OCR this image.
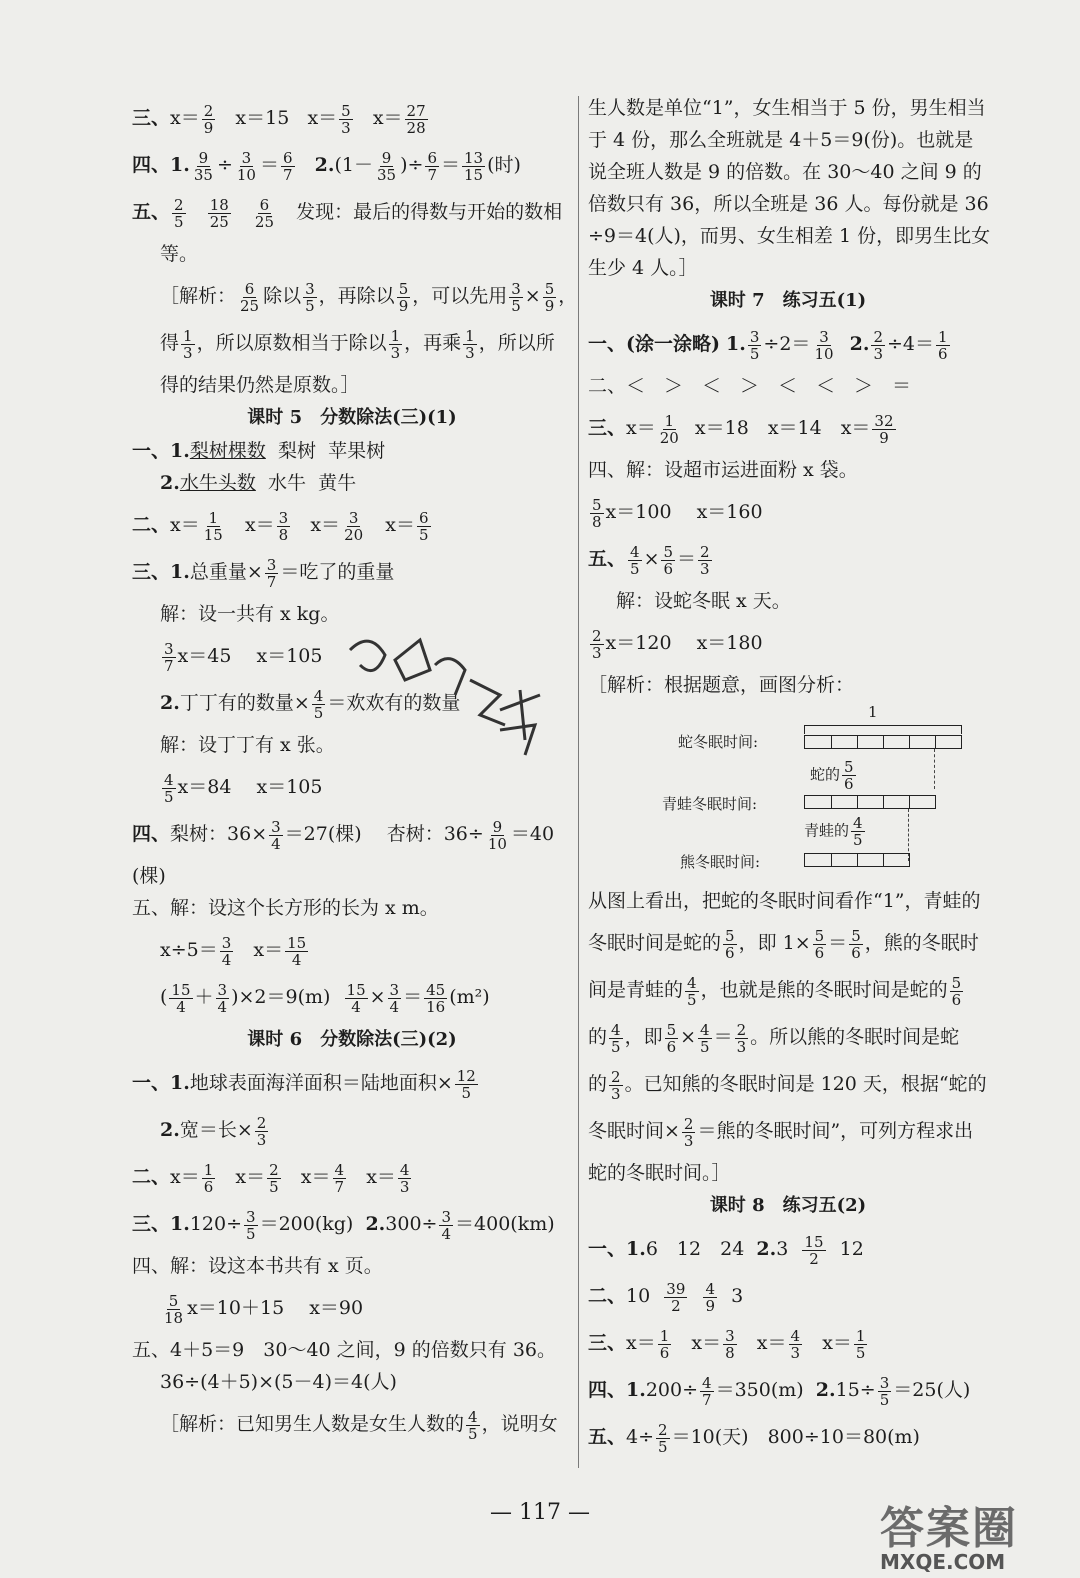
三、$x= \frac{2}{9} x=15$ $x= \frac{5}{3} x= \frac{27}{28}$
四、1. $\frac{9}{35} \div \frac{3}{10} = \frac{6}{7} 2.(1- \frac{9}{35}$ )÷ $\frac{6}{7} = \frac{13}{15}$ (时)
五、 $\frac{2}{5}$
$\frac{18}{25}$
$\frac{6}{25}$ 发现：最后的得数与开始的数相
等。
［解析： $\frac{6}{25}$ 除以 $\frac{3}{5}$ ，再除以 $\frac{5}{9}$ ，可以先用 $\frac{3}{5} \times \frac{5}{9}$ ，
得 $\frac{1}{3}$ ，所以原数相当于除以 $\frac{1}{3}$ ，再乘 $\frac{1}{3}$ ，所以所
得的结果仍然是原数。］
课时 5　分数除法(三)(1)
一、1.梨树棵数 梨树 苹果树
2.水牛头数 水牛 黄牛
二、$x= \frac{1}{15} x= \frac{3}{8} x= \frac{3}{20} x= \frac{6}{5}$
三、1.总重量× $\frac{3}{7}$ ＝吃了的重量
解：设一共有 x kg。
$\frac{3}{7} x=45$　 x＝105
2.丁丁有的数量× $\frac{4}{5}$ ＝欢欢有的数量
解：设丁丁有 x 张。
$\frac{4}{5} x=84$　 x＝105
四、梨树：$36\times \frac{3}{4} =27$(棵)　 杏树：$36\div \frac{9}{10} =40$
(棵)
五、解：设这个长方形的长为 x m。
$x\div 5= \frac{3}{4} x= \frac{15}{4}$
( $\frac{15}{4} + \frac{3}{4} )\times 2=9(m) \frac{15}{4} \times \frac{3}{4} = \frac{45}{16} (m^2)$
课时 6　分数除法(三)(2)
一、1.地球表面海洋面积＝陆地面积× $\frac{12}{5}$
2.宽＝长× $\frac{2}{3}$
二、$x= \frac{1}{6} x= \frac{2}{5} x= \frac{4}{7} x= \frac{4}{3}$
三、$1.120\div \frac{3}{5} =200(kg)$ $2.300\div \frac{3}{4} =400(km)$
四、解：设这本书共有 x 页。
$\frac{5}{18} x=10+15$　 x＝90
五、4＋5＝9　30～40 之间，9 的倍数只有 36。
36÷(4＋5)×(5－4)＝4(人)
［解析：已知男生人数是女生人数的 $\frac{4}{5}$ ，说明女
生人数是单位“1”，女生相当于 5 份，男生相当
于 4 份，那么全班就是 4＋5＝9(份)。也就是
说全班人数是 9 的倍数。在 30～40 之间 9 的
倍数只有 36，所以全班是 36 人。每份就是 36
÷9＝4(人)，而男、女生相差 1 份，即男生比女
生少 4 人。］
课时 7　练习五(1)
一、(涂一涂略) 1. $\frac{3}{5} \div 2= \frac{3}{10} 2$. $\frac{2}{3} \div 4= \frac{1}{6}$
二、＜　＞　＜　＞　＜　＜　＞　＝
三、$x= \frac{1}{20} x=18$　x＝14　$x= \frac{32}{9}$
四、解：设超市运进面粉 x 袋。
$\frac{5}{8} x=100$　 x＝160
五、 $\frac{4}{5} \times \frac{5}{6} = \frac{2}{3}$
解：设蛇冬眠 x 天。
$\frac{2}{3} x=120$　 x＝180
［解析：根据题意，画图分析：
1
蛇冬眠时间:
蛇的 $\frac{5}{6}$
青蛙冬眠时间:
青蛙的 $\frac{4}{5}$
熊冬眠时间:
从图上看出，把蛇的冬眠时间看作“1”，青蛙的
冬眠时间是蛇的 $\frac{5}{6}$ ，即 $1\times \frac{5}{6} = \frac{5}{6}$ ，熊的冬眠时
间是青蛙的 $\frac{4}{5}$ ，也就是熊的冬眠时间是蛇的 $\frac{5}{6}$
的 $\frac{4}{5}$ ，即 $\frac{5}{6} \times \frac{4}{5} = \frac{2}{3}$ 。所以熊的冬眠时间是蛇
的 $\frac{2}{3}$ 。已知熊的冬眠时间是 120 天，根据“蛇的
冬眠时间× $\frac{2}{3}$ ＝熊的冬眠时间”，可列方程求出
蛇的冬眠时间。］
课时 8　练习五(2)
一、1.6　12　24 $2.3 \frac{15}{2} 12$
二、$10 \frac{39}{2}$
$\frac{4}{9} 3$
三、$x= \frac{1}{6} x= \frac{3}{8} x= \frac{4}{3} x= \frac{1}{5}$
四、$1.200\div \frac{4}{7} =350(m)$ $2.15\div \frac{3}{5} =25$(人)
五、$4\div \frac{2}{5} =10$(天)　800÷10＝80(m)
— 117 —	答案圈
MXQE.COM
